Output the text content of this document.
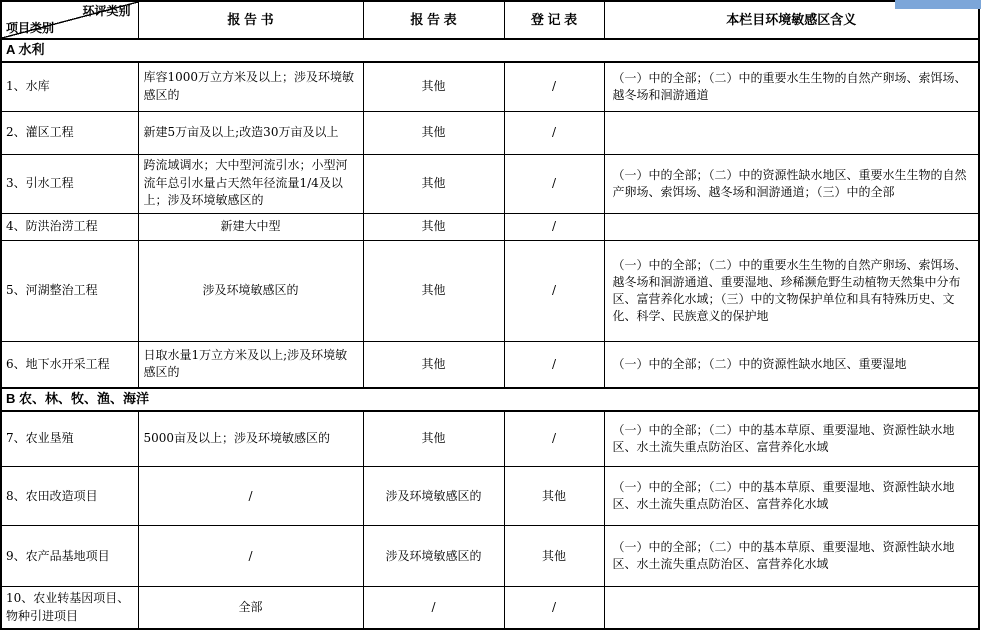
环评类别
项目类别	报 告 书	报 告 表	登 记 表	本栏目环境敏感区含义
A 水利				
1、水库	库容1000万立方米及以上；涉及环境敏感区的	其他	/	（一）中的全部；（二）中的重要水生生物的自然产卵场、索饵场、越冬场和洄游通道
2、灌区工程	新建5万亩及以上;改造30万亩及以上	其他	/	
3、引水工程	跨流域调水；大中型河流引水；小型河流年总引水量占天然年径流量1/4及以上；涉及环境敏感区的	其他	/	（一）中的全部；（二）中的资源性缺水地区、重要水生生物的自然产卵场、索饵场、越冬场和洄游通道；（三）中的全部
4、防洪治涝工程	新建大中型	其他	/	
5、河湖整治工程	涉及环境敏感区的	其他	/	（一）中的全部；（二）中的重要水生生物的自然产卵场、索饵场、越冬场和洄游通道、重要湿地、珍稀濒危野生动植物天然集中分布区、富营养化水域；（三）中的文物保护单位和具有特殊历史、文化、科学、民族意义的保护地
6、地下水开采工程	日取水量1万立方米及以上;涉及环境敏感区的	其他	/	（一）中的全部；（二）中的资源性缺水地区、重要湿地
B 农、林、牧、渔、海洋				
7、农业垦殖	5000亩及以上；涉及环境敏感区的	其他	/	（一）中的全部；（二）中的基本草原、重要湿地、资源性缺水地区、水土流失重点防治区、富营养化水域
8、农田改造项目	/	涉及环境敏感区的	其他	（一）中的全部；（二）中的基本草原、重要湿地、资源性缺水地区、水土流失重点防治区、富营养化水域
9、农产品基地项目	/	涉及环境敏感区的	其他	（一）中的全部；（二）中的基本草原、重要湿地、资源性缺水地区、水土流失重点防治区、富营养化水域
10、农业转基因项目、物种引进项目	全部	/	/	
